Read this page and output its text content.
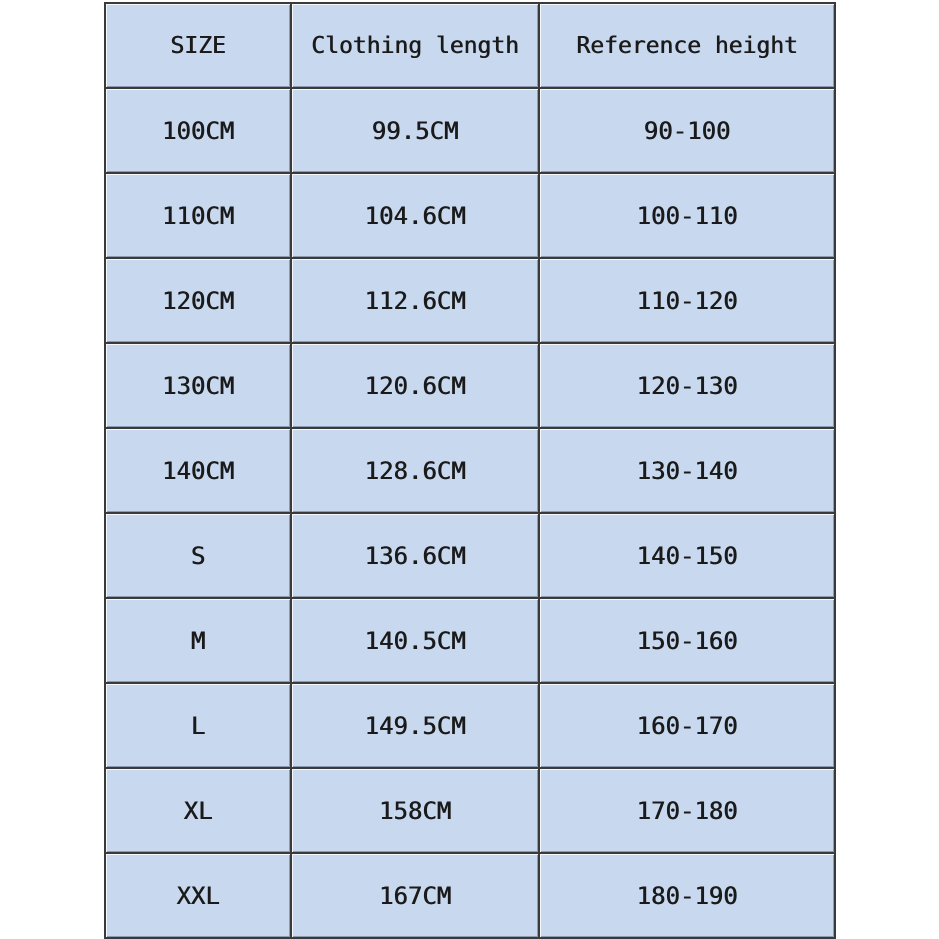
SIZE	Clothing length	Reference height
100CM	99.5CM	90-100
110CM	104.6CM	100-110
120CM	112.6CM	110-120
130CM	120.6CM	120-130
140CM	128.6CM	130-140
S	136.6CM	140-150
M	140.5CM	150-160
L	149.5CM	160-170
XL	158CM	170-180
XXL	167CM	180-190
